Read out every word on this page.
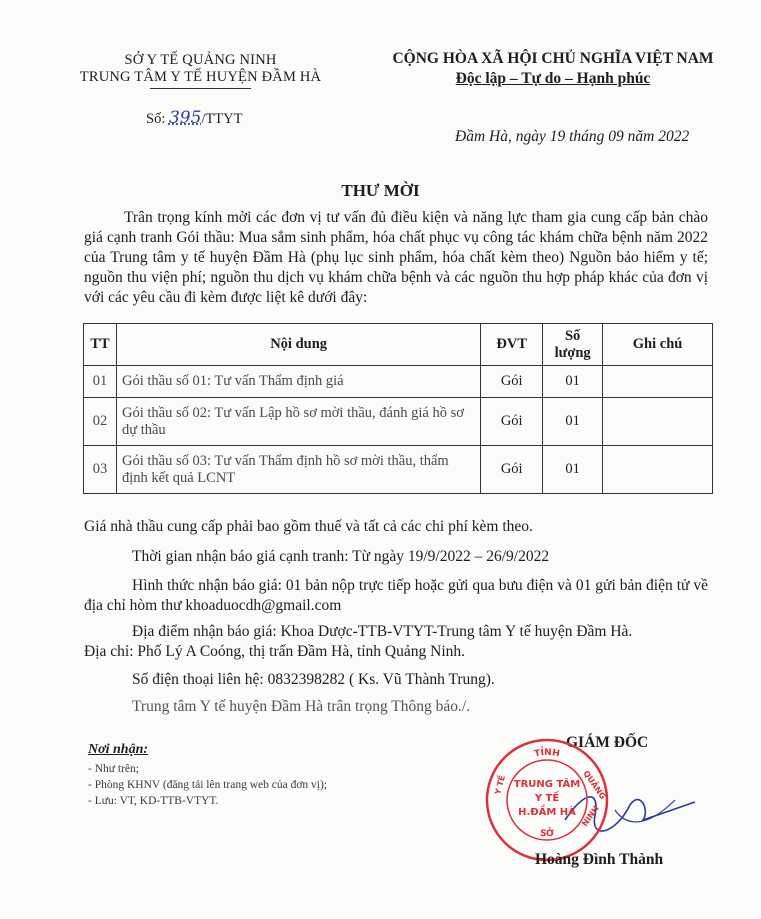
SỞ Y TẾ QUẢNG NINH
TRUNG TÂM Y TẾ HUYỆN ĐẦM HÀ
Số: 395/TTYT
CỘNG HÒA XÃ HỘI CHỦ NGHĨA VIỆT NAM
Độc lập – Tự do – Hạnh phúc
Đầm Hà, ngày 19 tháng 09 năm 2022
THƯ MỜI
Trân trọng kính mời các đơn vị tư vấn đủ điều kiện và năng lực tham gia cung cấp bản chào giá cạnh tranh Gói thầu: Mua sắm sinh phẩm, hóa chất phục vụ công tác khám chữa bệnh năm 2022 của Trung tâm y tế huyện Đầm Hà (phụ lục sinh phẩm, hóa chất kèm theo) Nguồn bảo hiểm y tế; nguồn thu viện phí; nguồn thu dịch vụ khám chữa bệnh và các nguồn thu hợp pháp khác của đơn vị với các yêu cầu đi kèm được liệt kê dưới đây:
TT	Nội dung	ĐVT	Số lượng	Ghi chú
01	Gói thầu số 01: Tư vấn Thẩm định giá	Gói	01	
02	Gói thầu số 02: Tư vấn Lập hồ sơ mời thầu, đánh giá hồ sơ dự thầu	Gói	01	
03	Gói thầu số 03: Tư vấn Thẩm định hồ sơ mời thầu, thẩm định kết quả LCNT	Gói	01	
Giá nhà thầu cung cấp phải bao gồm thuế và tất cả các chi phí kèm theo.
Thời gian nhận báo giá cạnh tranh: Từ ngày 19/9/2022 – 26/9/2022
Hình thức nhận báo giá: 01 bản nộp trực tiếp hoặc gửi qua bưu điện và 01 gửi bản điện tử về địa chỉ hòm thư khoaduocdh@gmail.com
Địa điểm nhận báo giá: Khoa Dược-TTB-VTYT-Trung tâm Y tế huyện Đầm Hà.
Địa chỉ: Phố Lý A Coóng, thị trấn Đầm Hà, tỉnh Quảng Ninh.
Số điện thoại liên hệ: 0832398282 ( Ks. Vũ Thành Trung).
Trung tâm Y tế huyện Đầm Hà trân trọng Thông báo./.
Nơi nhận:
- Như trên;
- Phòng KHNV (đăng tải lên trang web của đơn vị);
- Lưu: VT, KD-TTB-VTYT.
GIÁM ĐỐC
TỈNH
QUẢNG
NINH
Y TẾ
SỞ
TRUNG TÂM
Y TẾ
H.ĐẦM HÀ
Hoàng Đình Thành
